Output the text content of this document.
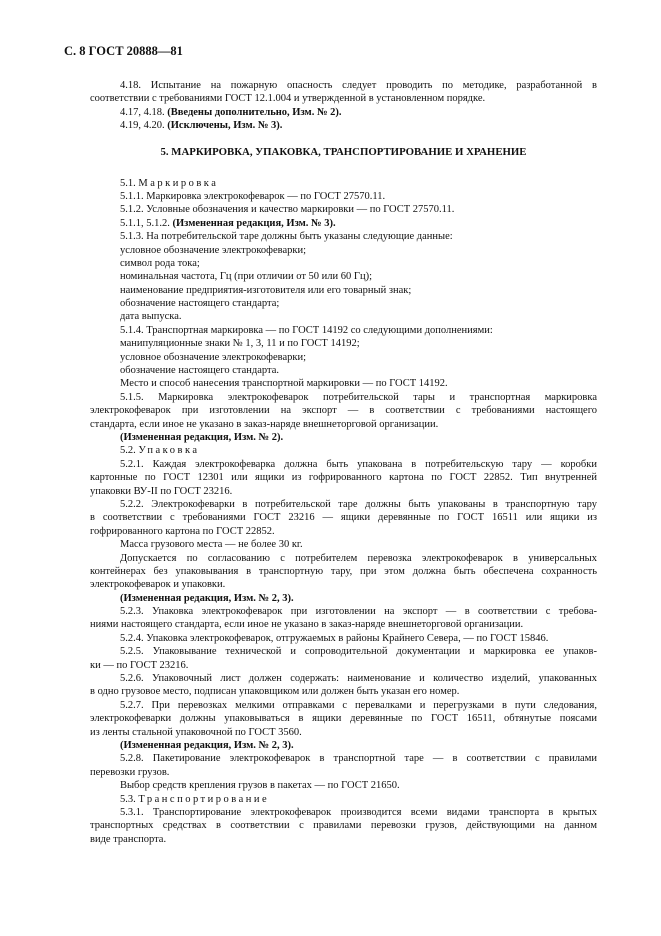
С. 8 ГОСТ 20888—81
4.18. Испытание на пожарную опасность следует проводить по методике, разработанной в
соответствии с требованиями ГОСТ 12.1.004 и утвержденной в установленном порядке.
4.17, 4.18. (Введены дополнительно, Изм. № 2).
4.19, 4.20. (Исключены, Изм. № 3).
5. МАРКИРОВКА, УПАКОВКА, ТРАНСПОРТИРОВАНИЕ И ХРАНЕНИЕ
5.1. Маркировка
5.1.1. Маркировка электрокофеварок — по ГОСТ 27570.11.
5.1.2. Условные обозначения и качество маркировки — по ГОСТ 27570.11.
5.1.1, 5.1.2. (Измененная редакция, Изм. № 3).
5.1.3. На потребительской таре должны быть указаны следующие данные:
условное обозначение электрокофеварки;
символ рода тока;
номинальная частота, Гц (при отличии от 50 или 60 Гц);
наименование предприятия-изготовителя или его товарный знак;
обозначение настоящего стандарта;
дата выпуска.
5.1.4. Транспортная маркировка — по ГОСТ 14192 со следующими дополнениями:
манипуляционные знаки № 1, 3, 11 и по ГОСТ 14192;
условное обозначение электрокофеварки;
обозначение настоящего стандарта.
Место и способ нанесения транспортной маркировки — по ГОСТ 14192.
5.1.5. Маркировка электрокофеварок потребительской тары и транспортная маркировка
электрокофеварок при изготовлении на экспорт — в соответствии с требованиями настоящего
стандарта, если иное не указано в заказ-наряде внешнеторговой организации.
(Измененная редакция, Изм. № 2).
5.2. Упаковка
5.2.1. Каждая электрокофеварка должна быть упакована в потребительскую тару — коробки
картонные по ГОСТ 12301 или ящики из гофрированного картона по ГОСТ 22852. Тип внутренней
упаковки ВУ-II по ГОСТ 23216.
5.2.2. Электрокофеварки в потребительской таре должны быть упакованы в транспортную тару
в соответствии с требованиями ГОСТ 23216 — ящики деревянные по ГОСТ 16511 или ящики из
гофрированного картона по ГОСТ 22852.
Масса грузового места — не более 30 кг.
Допускается по согласованию с потребителем перевозка электрокофеварок в универсальных
контейнерах без упаковывания в транспортную тару, при этом должна быть обеспечена сохранность
электрокофеварок и упаковки.
(Измененная редакция, Изм. № 2, 3).
5.2.3. Упаковка электрокофеварок при изготовлении на экспорт — в соответствии с требова-
ниями настоящего стандарта, если иное не указано в заказ-наряде внешнеторговой организации.
5.2.4. Упаковка электрокофеварок, отгружаемых в районы Крайнего Севера, — по ГОСТ 15846.
5.2.5. Упаковывание технической и сопроводительной документации и маркировка ее упаков-
ки — по ГОСТ 23216.
5.2.6. Упаковочный лист должен содержать: наименование и количество изделий, упакованных
в одно грузовое место, подписан упаковщиком или должен быть указан его номер.
5.2.7. При перевозках мелкими отправками с перевалками и перегрузками в пути следования,
электрокофеварки должны упаковываться в ящики деревянные по ГОСТ 16511, обтянутые поясами
из ленты стальной упаковочной по ГОСТ 3560.
(Измененная редакция, Изм. № 2, 3).
5.2.8. Пакетирование электрокофеварок в транспортной таре — в соответствии с правилами
перевозки грузов.
Выбор средств крепления грузов в пакетах — по ГОСТ 21650.
5.3. Транспортирование
5.3.1. Транспортирование электрокофеварок производится всеми видами транспорта в крытых
транспортных средствах в соответствии с правилами перевозки грузов, действующими на данном
виде транспорта.
